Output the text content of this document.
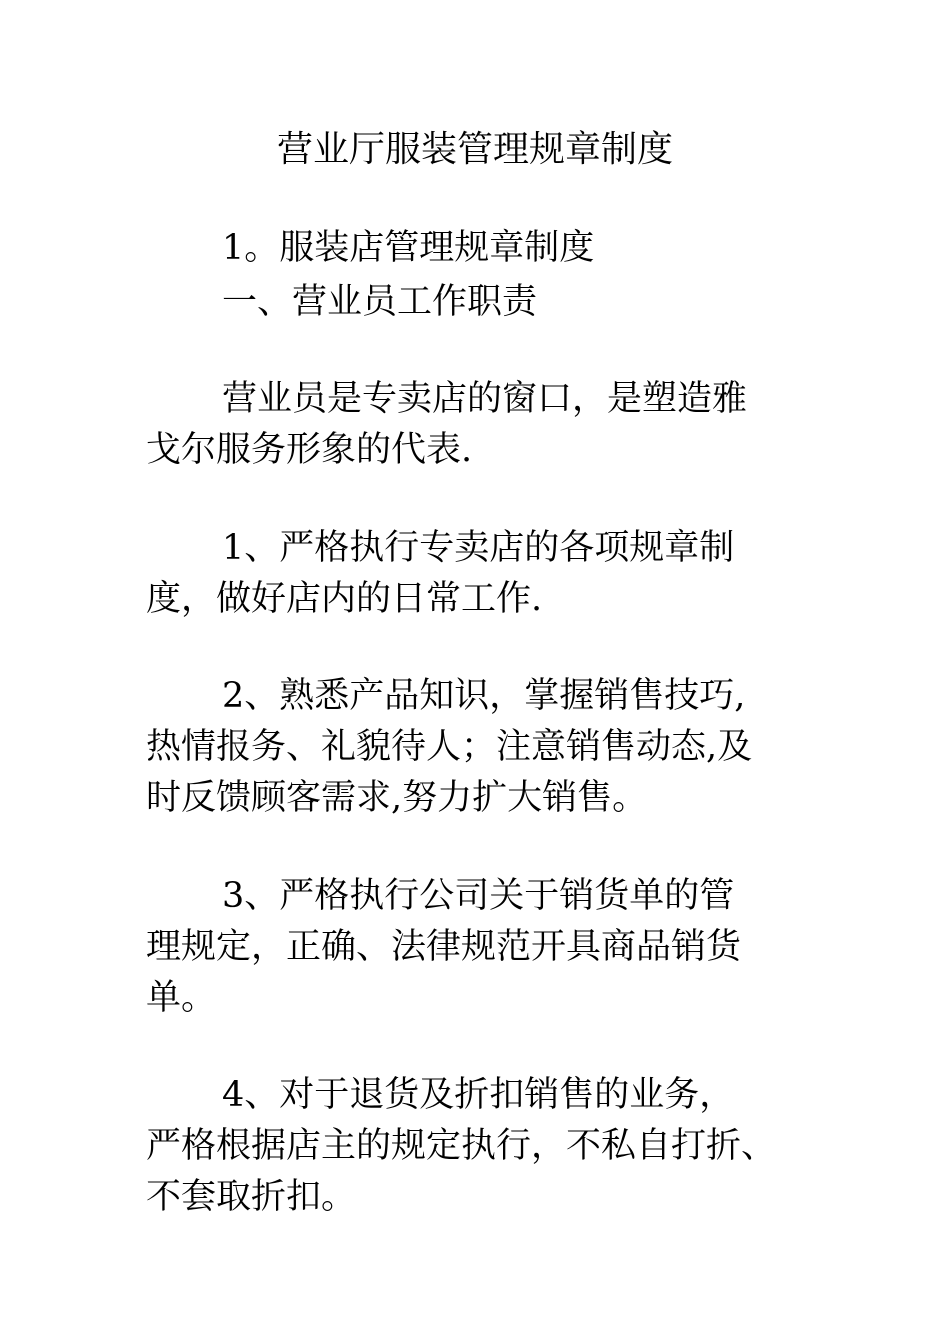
营业厅服装管理规章制度

1。服装店管理规章制度

一、营业员工作职责

营业员是专卖店的窗口，是塑造雅
戈尔服务形象的代表.
1、严格执行专卖店的各项规章制
度，做好店内的日常工作.
2、熟悉产品知识，掌握销售技巧,
热情报务、礼貌待人；注意销售动态,及
时反馈顾客需求,努力扩大销售。
3、严格执行公司关于销货单的管
理规定，正确、法律规范开具商品销货
单。
4、对于退货及折扣销售的业务，
严格根据店主的规定执行，不私自打折、
不套取折扣。
